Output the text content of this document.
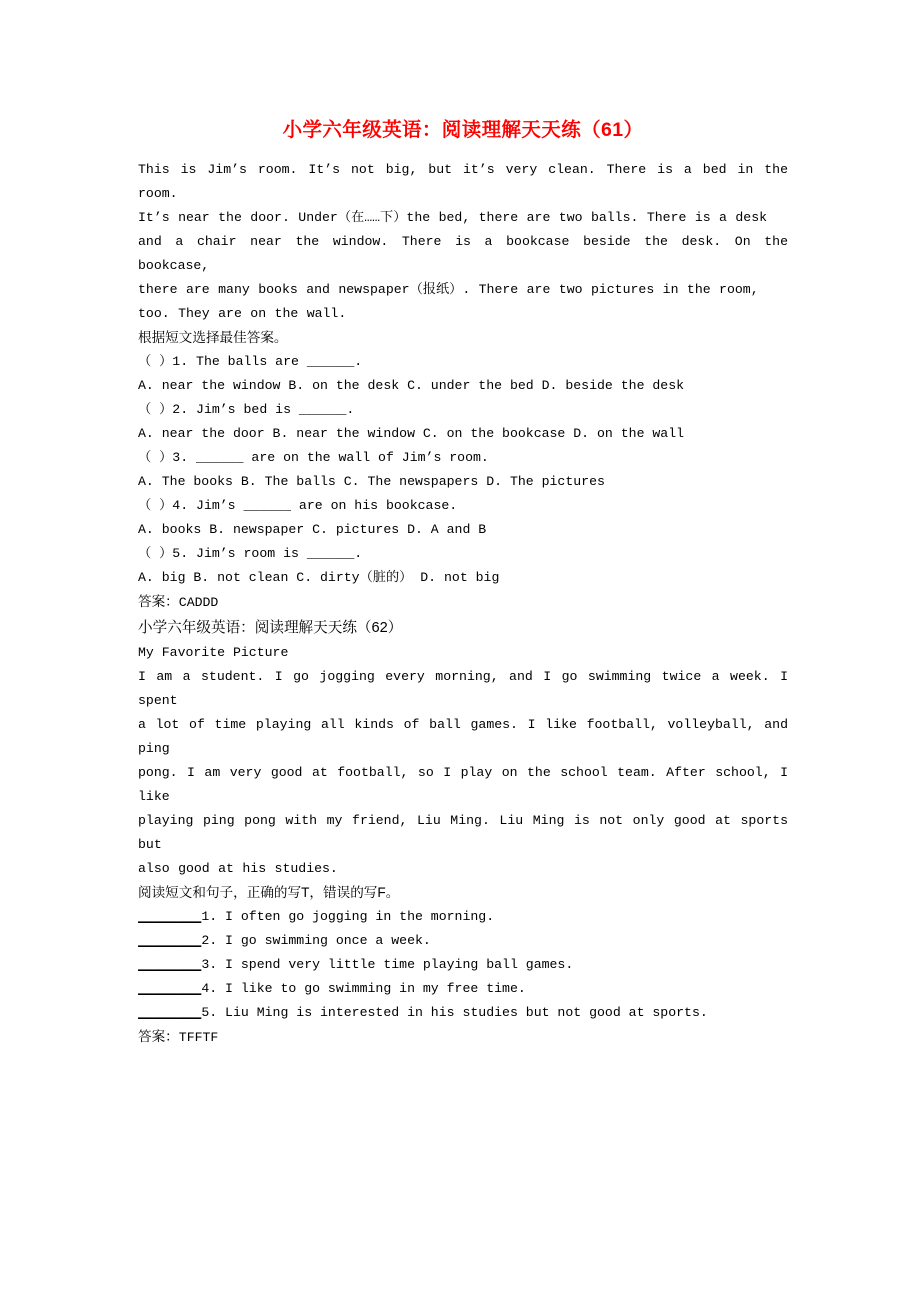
小学六年级英语：阅读理解天天练（61）

This is Jim’s room. It’s not big, but it’s very clean. There is a bed in the room.

It’s near the door. Under（在……下）the bed, there are two balls. There is a desk

and a chair near the window. There is a bookcase beside the desk. On the bookcase,

there are many books and newspaper（报纸）. There are two pictures in the room,

too. They are on the wall.

根据短文选择最佳答案。

（ ）1. The balls are ______.

A. near the window B. on the desk C. under the bed D. beside the desk

（ ）2. Jim’s bed is ______.

A. near the door B. near the window C. on the bookcase D. on the wall

（ ）3. ______ are on the wall of Jim’s room.

A. The books B. The balls C. The newspapers D. The pictures

（ ）4. Jim’s ______ are on his bookcase.

A. books B. newspaper C. pictures D. A and B

（ ）5. Jim’s room is ______.

A. big B. not clean C. dirty（脏的） D. not big

答案：CADDD

小学六年级英语：阅读理解天天练（62）

My Favorite Picture

I am a student. I go jogging every morning, and I go swimming twice a week. I spent

a lot of time playing all kinds of ball games. I like football, volleyball, and ping

pong. I am very good at football, so I play on the school team. After school, I like

playing ping pong with my friend, Liu Ming. Liu Ming is not only good at sports but

also good at his studies.

阅读短文和句子，正确的写T，错误的写F。

________1. I often go jogging in the morning.

________2. I go swimming once a week.

________3. I spend very little time playing ball games.

________4. I like to go swimming in my free time.

________5. Liu Ming is interested in his studies but not good at sports.

答案：TFFTF
